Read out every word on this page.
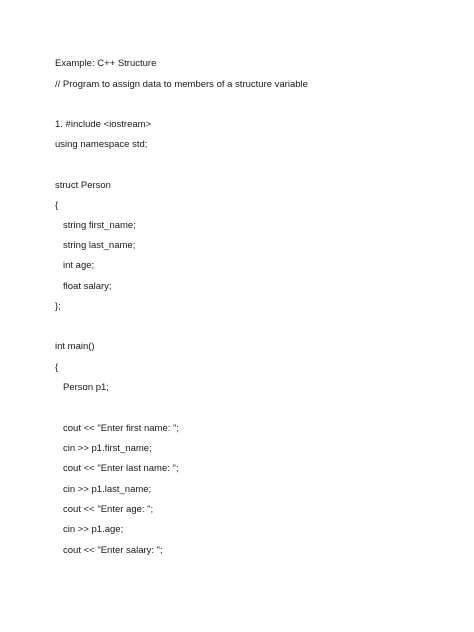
Example: C++ Structure
// Program to assign data to members of a structure variable
1. #include <iostream>
using namespace std;
struct Person
{
string first_name;
string last_name;
int age;
float salary;
};
int main()
{
Person p1;
cout << "Enter first name: ";
cin >> p1.first_name;
cout << "Enter last name: ";
cin >> p1.last_name;
cout << "Enter age: ";
cin >> p1.age;
cout << "Enter salary: ";
